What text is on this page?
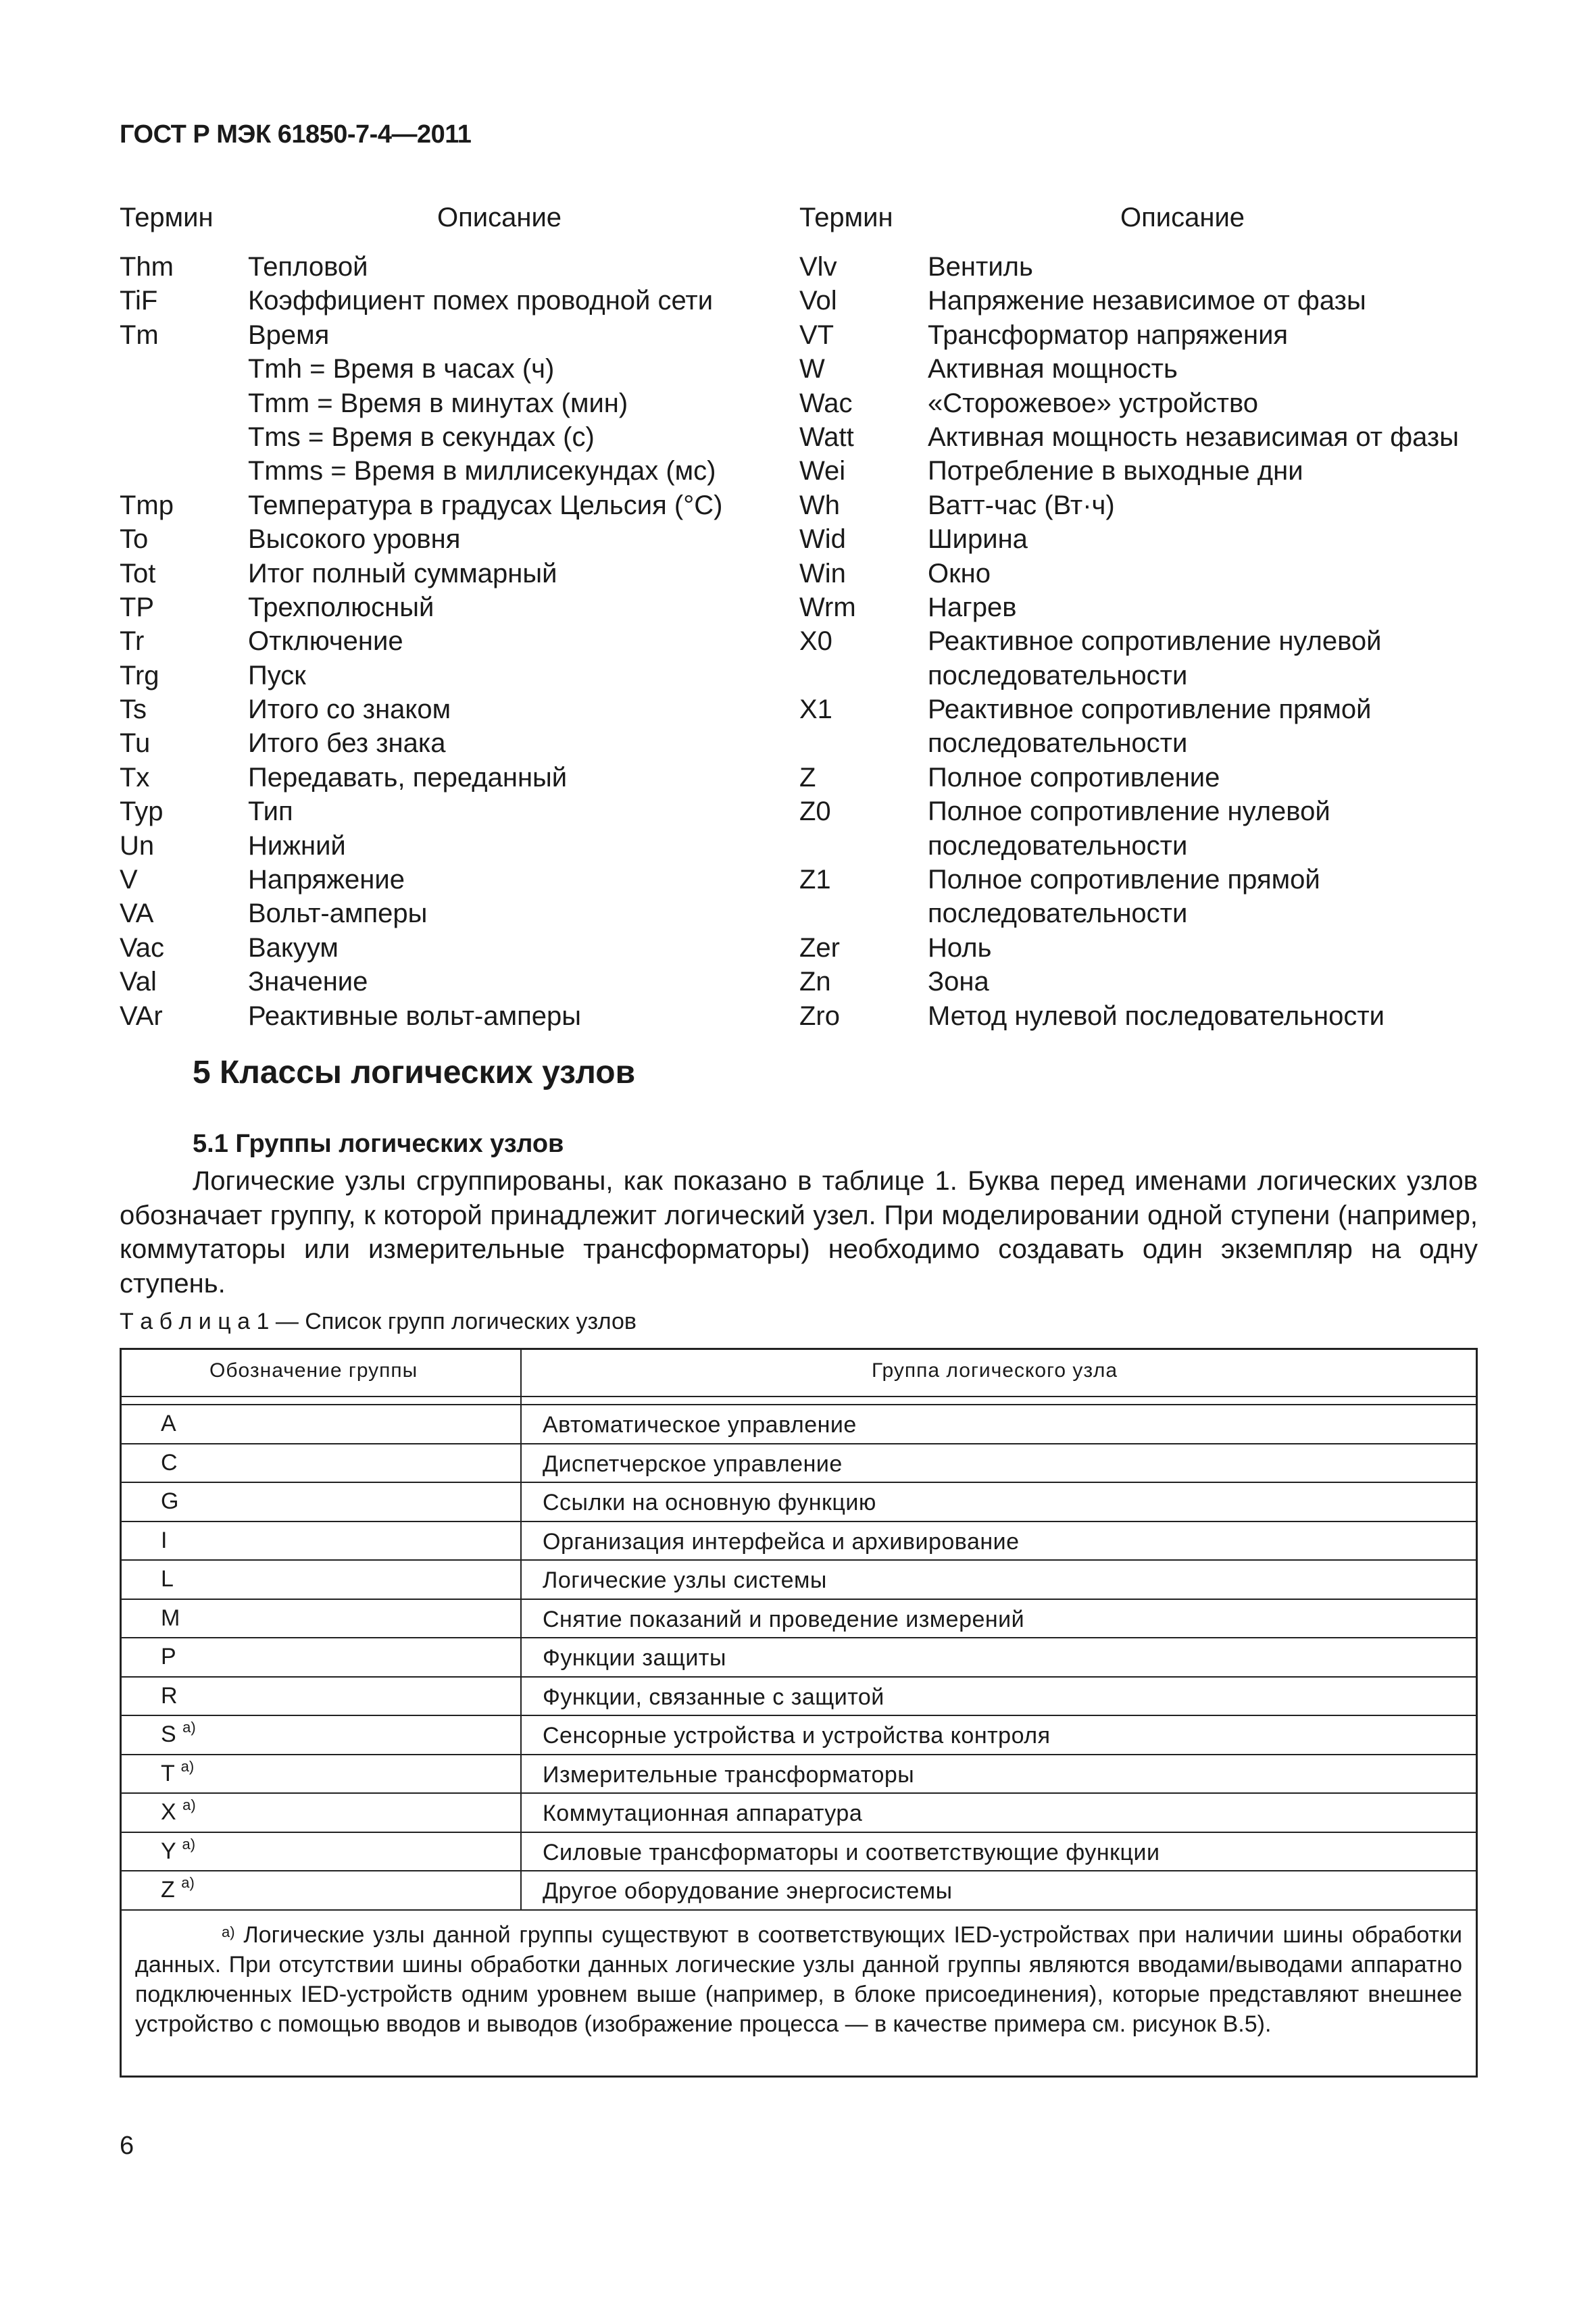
ГОСТ Р МЭК 61850-7-4—2011
Термин	Описание
Thm	Тепловой
TiF	Коэффициент помех проводной сети
Tm	Время
Tmh = Время в часах (ч)
Tmm = Время в минутах (мин)
Tms = Время в секундах (с)
Tmms = Время в миллисекундах (мс)
Tmp	Температура в градусах Цельсия (°С)
To	Высокого уровня
Tot	Итог полный суммарный
TP	Трехполюсный
Tr	Отключение
Trg	Пуск
Ts	Итого со знаком
Tu	Итого без знака
Tx	Передавать, переданный
Typ	Тип
Un	Нижний
V	Напряжение
VA	Вольт-амперы
Vac	Вакуум
Val	Значение
VAr	Реактивные вольт-амперы
Термин	Описание
Vlv	Вентиль
Vol	Напряжение независимое от фазы
VT	Трансформатор напряжения
W	Активная мощность
Wac	«Сторожевое» устройство
Watt	Активная мощность независимая от фазы
Wei	Потребление в выходные дни
Wh	Ватт-час (Вт·ч)
Wid	Ширина
Win	Окно
Wrm	Нагрев
X0	Реактивное сопротивление нулевой
последовательности
X1	Реактивное сопротивление прямой
последовательности
Z	Полное сопротивление
Z0	Полное сопротивление нулевой
последовательности
Z1	Полное сопротивление прямой
последовательности
Zer	Ноль
Zn	Зона
Zro	Метод нулевой последовательности
5 Классы логических узлов
5.1 Группы логических узлов

Логические узлы сгруппированы, как показано в таблице 1. Буква перед именами логических узлов обозначает группу, к которой принадлежит логический узел. При моделировании одной ступени (например, коммутаторы или измерительные трансформаторы) необходимо создавать один экземпляр на одну ступень.

Т а б л и ц а 1 — Список групп логических узлов
Обозначение группы	Группа логического узла
A	Автоматическое управление
C	Диспетчерское управление
G	Ссылки на основную функцию
I	Организация интерфейса и архивирование
L	Логические узлы системы
M	Снятие показаний и проведение измерений
P	Функции защиты
R	Функции, связанные с защитой
S $^{а)}$	Сенсорные устройства и устройства контроля
T $^{а)}$	Измерительные трансформаторы
X $^{а)}$	Коммутационная аппаратура
Y $^{а)}$	Силовые трансформаторы и соответствующие функции
Z $^{а)}$	Другое оборудование энергосистемы
$^{а)}$ Логические узлы данной группы существуют в соответствующих IED-устройствах при наличии шины обработки данных. При отсутствии шины обработки данных логические узлы данной группы являются вводами/выводами аппаратно подключенных IED-устройств одним уровнем выше (например, в блоке присоединения), которые представляют внешнее устройство с помощью вводов и выводов (изображение процесса — в качестве примера см. рисунок В.5).
6
